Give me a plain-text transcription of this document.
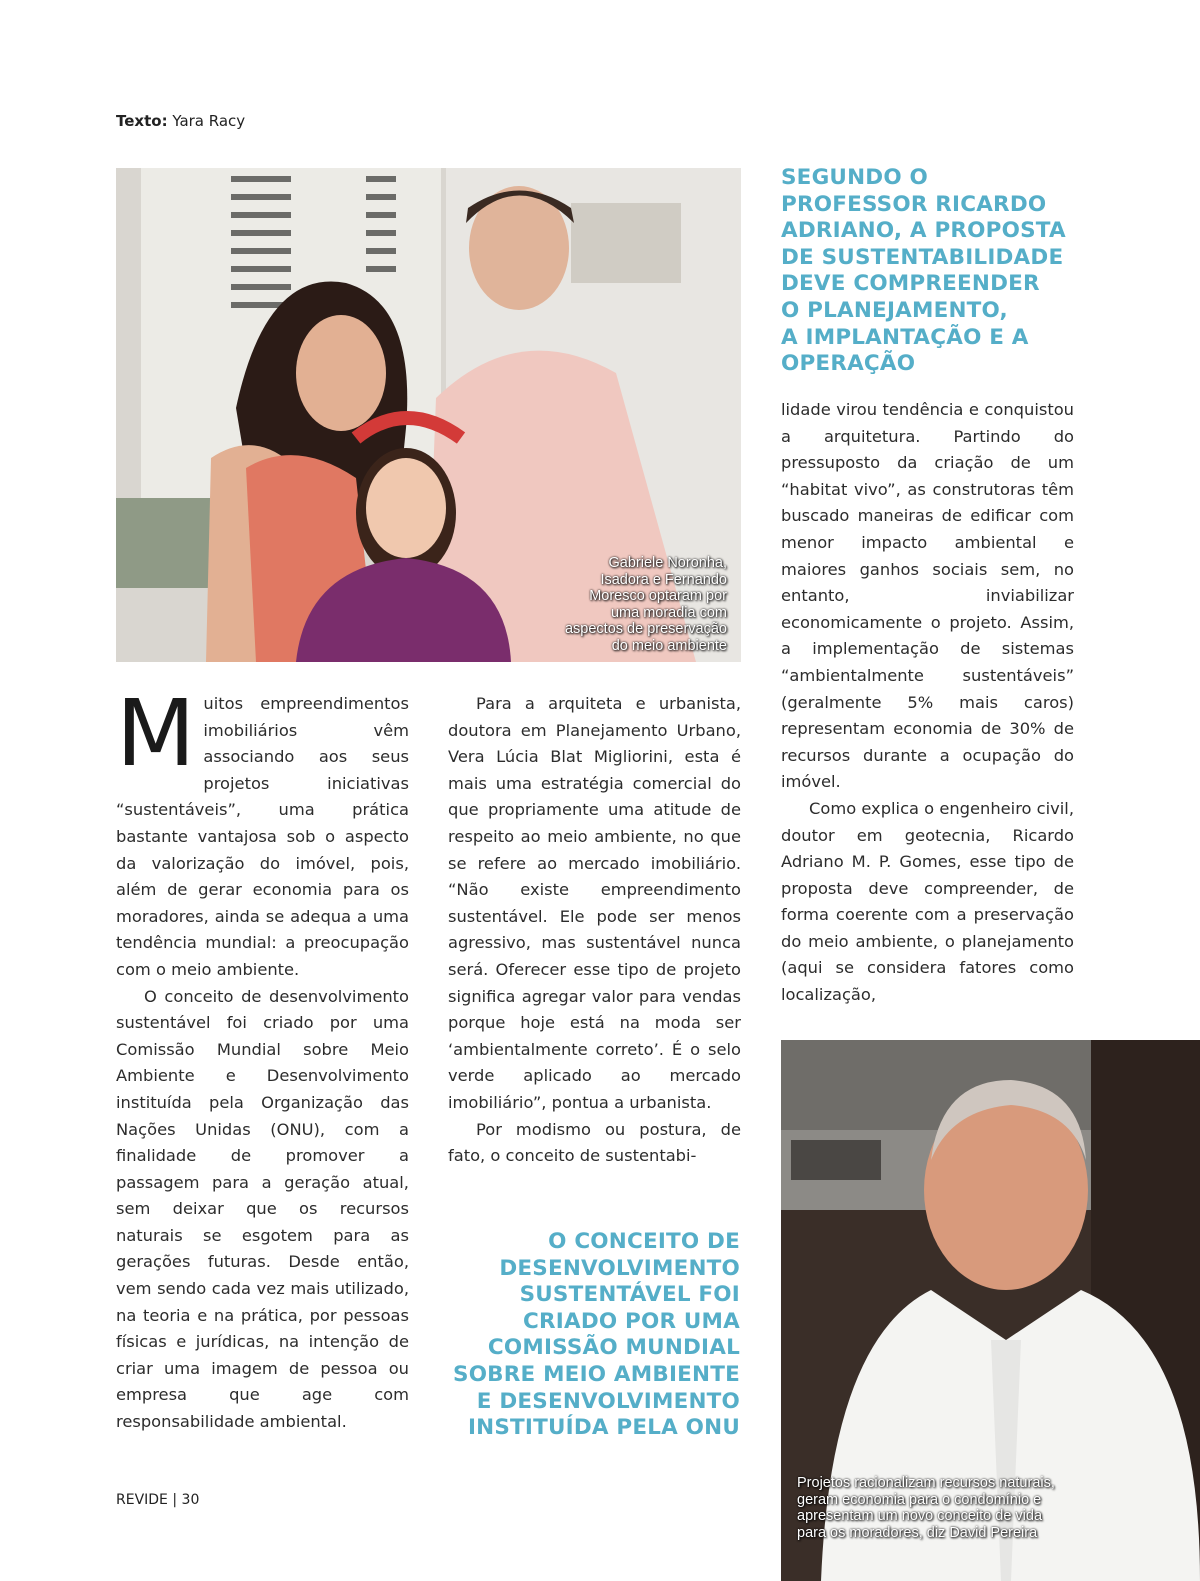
Texto: Yara Racy
Gabriele Noronha,
Isadora e Fernando
Moresco optaram por
uma moradia com
aspectos de preservação
do meio ambiente
SEGUNDO O
PROFESSOR RICARDO
ADRIANO, A PROPOSTA
DE SUSTENTABILIDADE
DEVE COMPREENDER
O PLANEJAMENTO,
A IMPLANTAÇÃO E A
OPERAÇÃO

Muitos empreendimentos imobiliários vêm associando aos seus projetos iniciativas “sustentáveis”, uma prática bastante vantajosa sob o aspecto da valorização do imóvel, pois, além de gerar economia para os moradores, ainda se adequa a uma tendência mundial: a preocupação com o meio ambiente.

O conceito de desenvolvimento sustentável foi criado por uma Comissão Mundial sobre Meio Ambiente e Desenvolvimento instituída pela Organização das Nações Unidas (ONU), com a finalidade de promover a passagem para a geração atual, sem deixar que os recursos naturais se esgotem para as gerações futuras. Desde então, vem sendo cada vez mais utilizado, na teoria e na prática, por pessoas físicas e jurídicas, na intenção de criar uma imagem de pessoa ou empresa que age com responsabilidade ambiental.

Para a arquiteta e urbanista, doutora em Planejamento Urbano, Vera Lúcia Blat Migliorini, esta é mais uma estratégia comercial do que propriamente uma atitude de respeito ao meio ambiente, no que se refere ao mercado imobiliário. “Não existe empreendimento sustentável. Ele pode ser menos agressivo, mas sustentável nunca será. Oferecer esse tipo de projeto significa agregar valor para vendas porque hoje está na moda ser ‘ambientalmente correto’. É o selo verde aplicado ao mercado imobiliário”, pontua a urbanista.

Por modismo ou postura, de fato, o conceito de sustentabi-

O CONCEITO DE
DESENVOLVIMENTO
SUSTENTÁVEL FOI
CRIADO POR UMA
COMISSÃO MUNDIAL
SOBRE MEIO AMBIENTE
E DESENVOLVIMENTO
INSTITUÍDA PELA ONU

lidade virou tendência e conquistou a arquitetura. Partindo do pressuposto da criação de um “habitat vivo”, as construtoras têm buscado maneiras de edificar com menor impacto ambiental e maiores ganhos sociais sem, no entanto, inviabilizar economicamente o projeto. Assim, a implementação de sistemas “ambientalmente sustentáveis” (geralmente 5% mais caros) representam economia de 30% de recursos durante a ocupação do imóvel.

Como explica o engenheiro civil, doutor em geotecnia, Ricardo Adriano M. P. Gomes, esse tipo de proposta deve compreender, de forma coerente com a preservação do meio ambiente, o planejamento (aqui se considera fatores como localização,

Projetos racionalizam recursos naturais,
geram economia para o condomínio e
apresentam um novo conceito de vida
para os moradores, diz David Pereira
REVIDE | 30
